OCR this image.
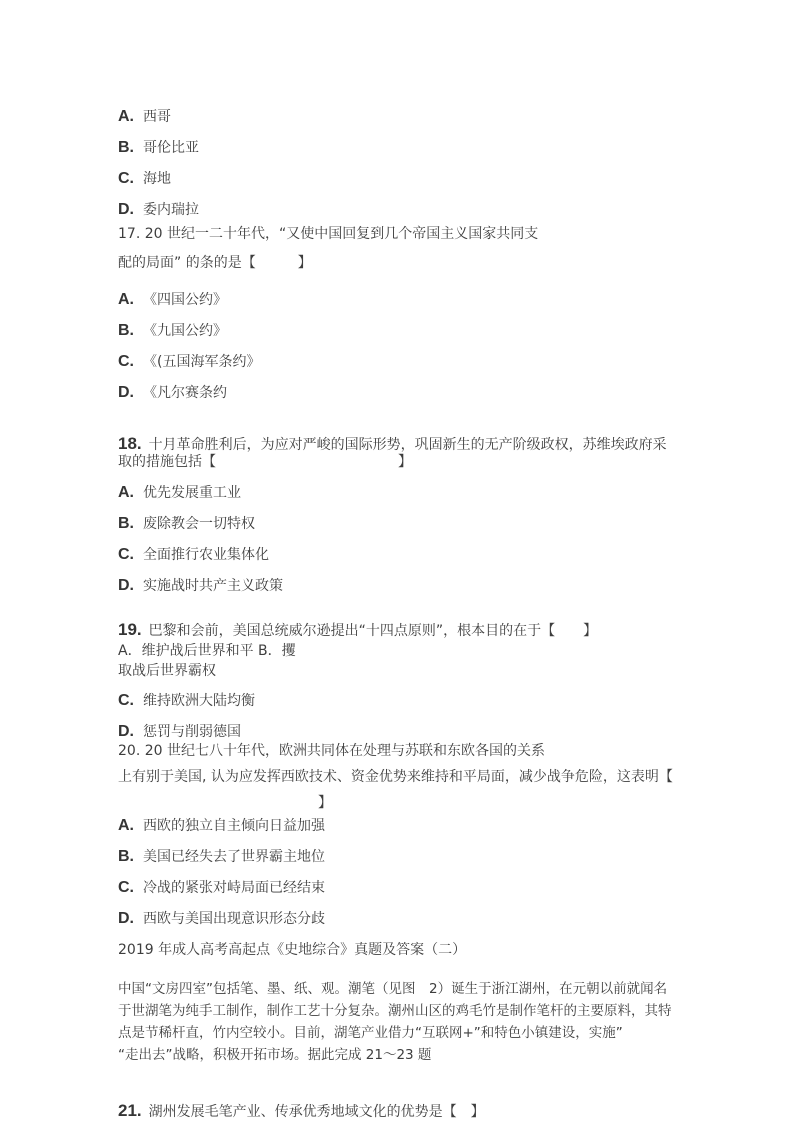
A. 西哥
B. 哥伦比亚
C. 海地
D. 委内瑞拉
17. 20 世纪一二十年代，“又使中国回复到几个帝国主义国家共同支
配的局面” 的条的是【　　　】
A. 《四国公约》
B. 《九国公约》
C. 《(五国海军条约》
D. 《凡尔赛条约
18. 十月革命胜利后，为应对严峻的国际形势，巩固新生的无产阶级政权，苏维埃政府采
取的措施包括【　　　　　　　　　　　　　】
A. 优先发展重工业
B. 废除教会一切特权
C. 全面推行农业集体化
D. 实施战时共产主义政策
19. 巴黎和会前，美国总统威尔逊提出“十四点原则”，根本目的在于【　　】
A．维护战后世界和平 B．攫
取战后世界霸权
C. 维持欧洲大陆均衡
D. 惩罚与削弱德国
20. 20 世纪七八十年代，欧洲共同体在处理与苏联和东欧各国的关系
上有别于美国, 认为应发挥西欧技术、资金优势来维持和平局面，减少战争危险，这表明【
】
A. 西欧的独立自主倾向日益加强
B. 美国已经失去了世界霸主地位
C. 冷战的紧张对峙局面已经结束
D. 西欧与美国出现意识形态分歧
2019 年成人高考高起点《史地综合》真题及答案（二）
中国“文房四室”包括笔、墨、纸、观。潮笔（见图　2）诞生于浙江湖州，在元朝以前就闻名
于世湖笔为纯手工制作，制作工艺十分复杂。潮州山区的鸡毛竹是制作笔杆的主要原料，其特
点是节稀杆直，竹内空较小。目前，湖笔产业借力“互联网+”和特色小镇建设，实施”
“走出去”战略，积极开拓市场。据此完成 21～23 题
21. 湖州发展毛笔产业、传承优秀地域文化的优势是【　】
